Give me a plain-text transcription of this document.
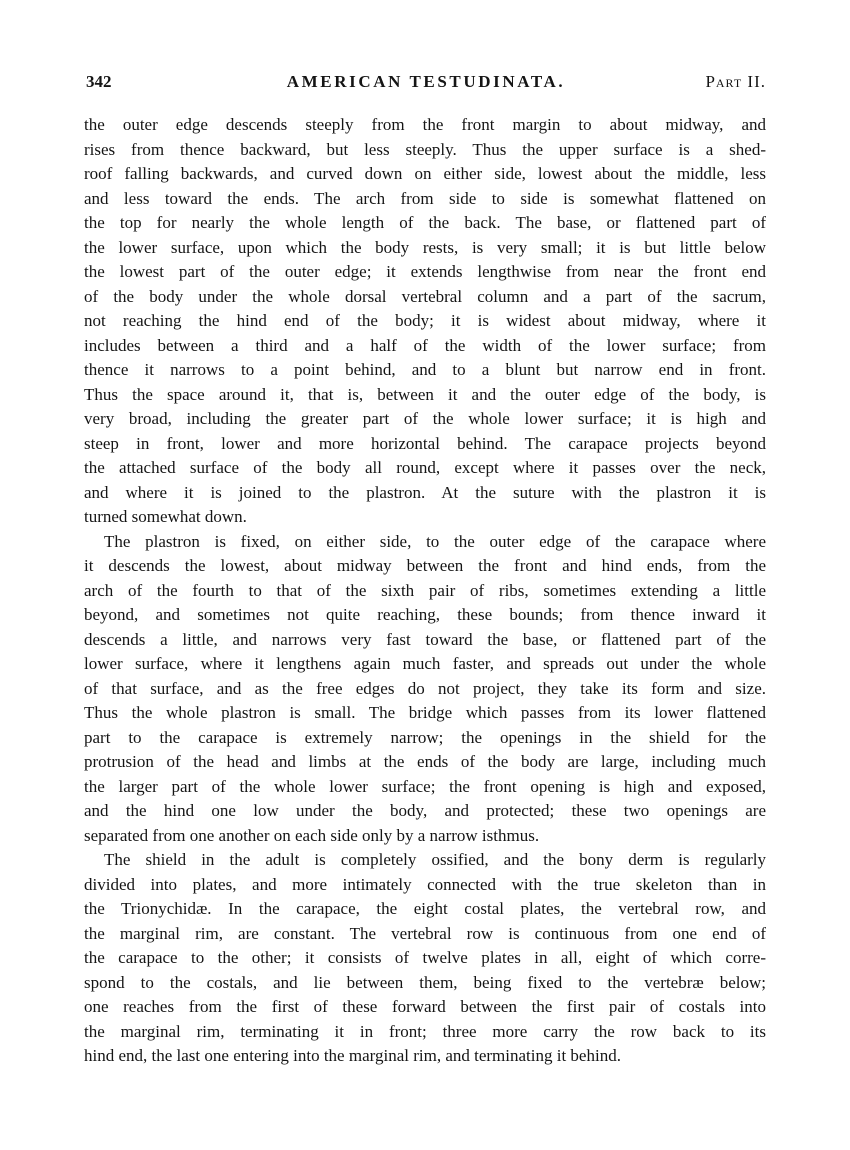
342	AMERICAN TESTUDINATA.	Part II.
the outer edge descends steeply from the front margin to about midway, and
rises from thence backward, but less steeply. Thus the upper surface is a shed-
roof falling backwards, and curved down on either side, lowest about the middle, less
and less toward the ends. The arch from side to side is somewhat flattened on
the top for nearly the whole length of the back. The base, or flattened part of
the lower surface, upon which the body rests, is very small; it is but little below
the lowest part of the outer edge; it extends lengthwise from near the front end
of the body under the whole dorsal vertebral column and a part of the sacrum,
not reaching the hind end of the body; it is widest about midway, where it
includes between a third and a half of the width of the lower surface; from
thence it narrows to a point behind, and to a blunt but narrow end in front.
Thus the space around it, that is, between it and the outer edge of the body, is
very broad, including the greater part of the whole lower surface; it is high and
steep in front, lower and more horizontal behind. The carapace projects beyond
the attached surface of the body all round, except where it passes over the neck,
and where it is joined to the plastron. At the suture with the plastron it is
turned somewhat down.
The plastron is fixed, on either side, to the outer edge of the carapace where
it descends the lowest, about midway between the front and hind ends, from the
arch of the fourth to that of the sixth pair of ribs, sometimes extending a little
beyond, and sometimes not quite reaching, these bounds; from thence inward it
descends a little, and narrows very fast toward the base, or flattened part of the
lower surface, where it lengthens again much faster, and spreads out under the whole
of that surface, and as the free edges do not project, they take its form and size.
Thus the whole plastron is small. The bridge which passes from its lower flattened
part to the carapace is extremely narrow; the openings in the shield for the
protrusion of the head and limbs at the ends of the body are large, including much
the larger part of the whole lower surface; the front opening is high and exposed,
and the hind one low under the body, and protected; these two openings are
separated from one another on each side only by a narrow isthmus.
The shield in the adult is completely ossified, and the bony derm is regularly
divided into plates, and more intimately connected with the true skeleton than in
the Trionychidæ. In the carapace, the eight costal plates, the vertebral row, and
the marginal rim, are constant. The vertebral row is continuous from one end of
the carapace to the other; it consists of twelve plates in all, eight of which corre-
spond to the costals, and lie between them, being fixed to the vertebræ below;
one reaches from the first of these forward between the first pair of costals into
the marginal rim, terminating it in front; three more carry the row back to its
hind end, the last one entering into the marginal rim, and terminating it behind.
